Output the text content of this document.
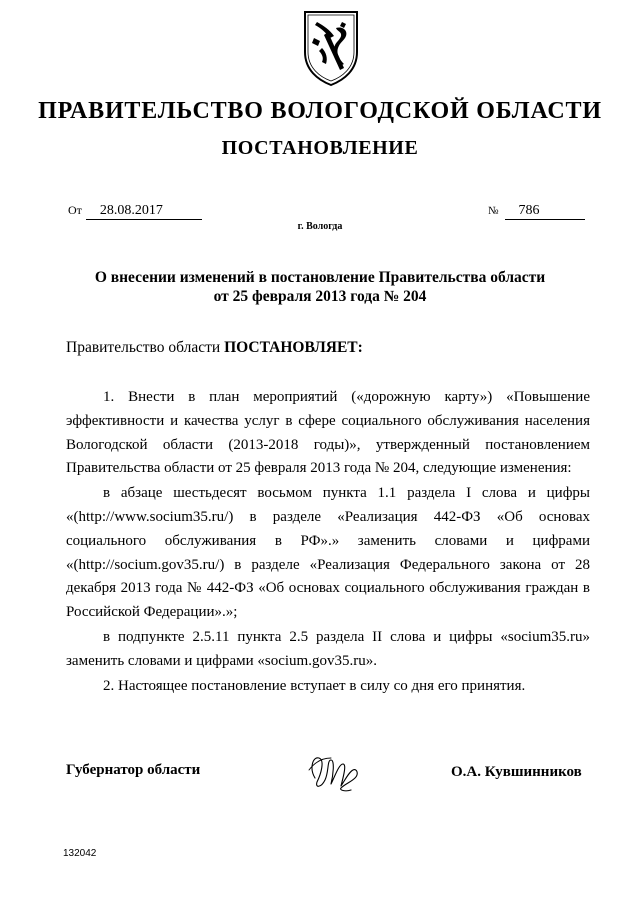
ПРАВИТЕЛЬСТВО ВОЛОГОДСКОЙ ОБЛАСТИ
ПОСТАНОВЛЕНИЕ
От 28.08.2017	№ 786
г. Вологда
О внесении изменений в постановление Правительства области
от 25 февраля 2013 года № 204
Правительство области ПОСТАНОВЛЯЕТ:

1. Внести в план мероприятий («дорожную карту») «Повышение эффективности и качества услуг в сфере социального обслуживания населения Вологодской области (2013-2018 годы)», утвержденный постановлением Правительства области от 25 февраля 2013 года № 204, следующие изменения:

в абзаце шестьдесят восьмом пункта 1.1 раздела I слова и цифры «(http://www.socium35.ru/) в разделе «Реализация 442-ФЗ «Об основах социального обслуживания в РФ».» заменить словами и цифрами «(http://socium.gov35.ru/) в разделе «Реализация Федерального закона от 28 декабря 2013 года № 442-ФЗ «Об основах социального обслуживания граждан в Российской Федерации».»;

в подпункте 2.5.11 пункта 2.5 раздела II слова и цифры «socium35.ru» заменить словами и цифрами «socium.gov35.ru».

2. Настоящее постановление вступает в силу со дня его принятия.

Губернатор области	О.А. Кувшинников
132042
